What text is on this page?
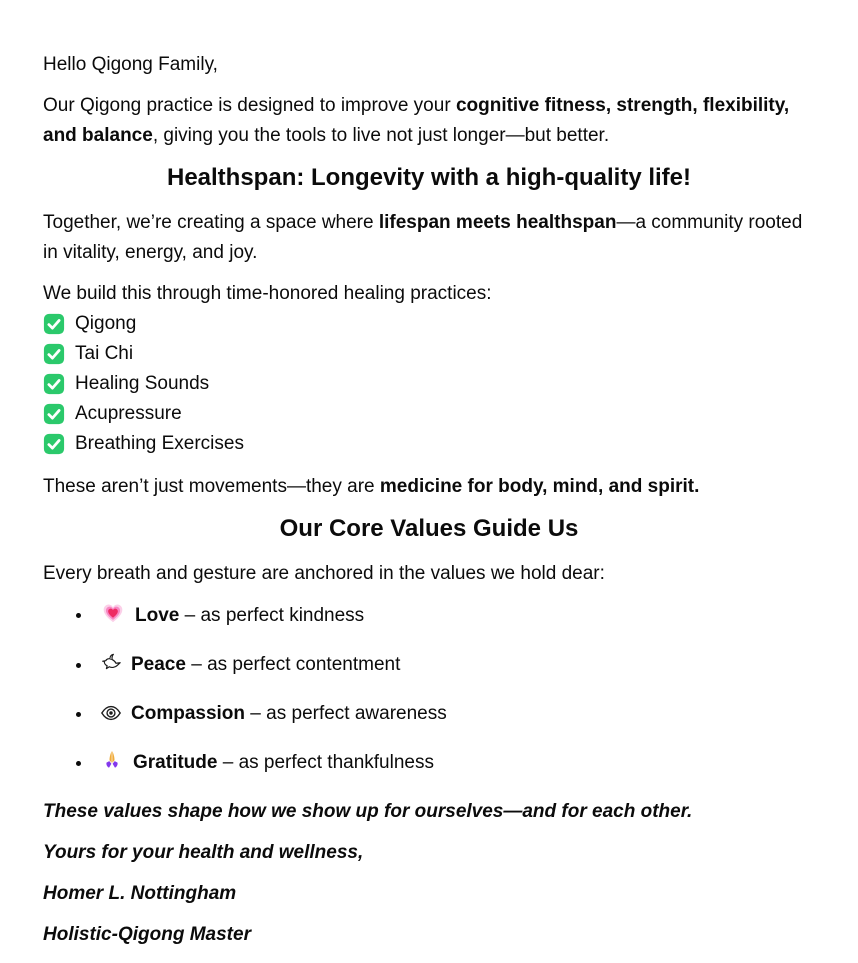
Hello Qigong Family,

Our Qigong practice is designed to improve your cognitive fitness, strength, flexibility, and balance, giving you the tools to live not just longer—but better.

Healthspan: Longevity with a high-quality life!

Together, we’re creating a space where lifespan meets healthspan—a community rooted in vitality, energy, and joy.

We build this through time-honored healing practices:

Qigong
Tai Chi
Healing Sounds
Acupressure
Breathing Exercises

These aren’t just movements—they are medicine for body, mind, and spirit.

Our Core Values Guide Us

Every breath and gesture are anchored in the values we hold dear:

Love – as perfect kindness
Peace – as perfect contentment
Compassion – as perfect awareness
Gratitude – as perfect thankfulness

These values shape how we show up for ourselves—and for each other.

Yours for your health and wellness,

Homer L. Nottingham

Holistic-Qigong Master
